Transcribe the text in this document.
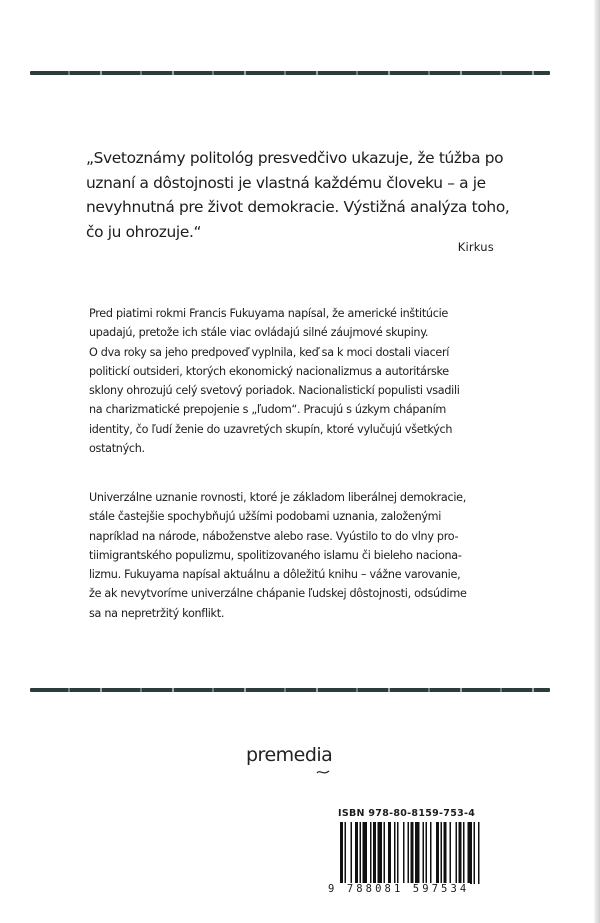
„Svetoznámy politológ presvedčivo ukazuje, že túžba po uznaní a dôstojnosti je vlastná každému človeku – a je nevyhnutná pre život demokracie. Výstižná analýza toho, čo ju ohrozuje.“

Kirkus

Pred piatimi rokmi Francis Fukuyama napísal, že americké inštitúcie
upadajú, pretože ich stále viac ovládajú silné záujmové skupiny.
O dva roky sa jeho predpoveď vyplnila, keď sa k moci dostali viacerí
politickí outsideri, ktorých ekonomický nacionalizmus a autoritárske
sklony ohrozujú celý svetový poriadok. Nacionalistickí populisti vsadili
na charizmatické prepojenie s „ľudom“. Pracujú s úzkym chápaním
identity, čo ľudí ženie do uzavretých skupín, ktoré vylučujú všetkých
ostatných.

Univerzálne uznanie rovnosti, ktoré je základom liberálnej demokracie,
stále častejšie spochybňujú užšími podobami uznania, založenými
napríklad na národe, náboženstve alebo rase. Vyústilo to do vlny pro-
tiimigrantského populizmu, spolitizovaného islamu či bieleho naciona-
lizmu. Fukuyama napísal aktuálnu a dôležitú knihu – vážne varovanie,
že ak nevytvoríme univerzálne chápanie ľudskej dôstojnosti, odsúdime
sa na nepretržitý konflikt.

premedia
ISBN 978-80-8159-753-4
9 788081 597534
